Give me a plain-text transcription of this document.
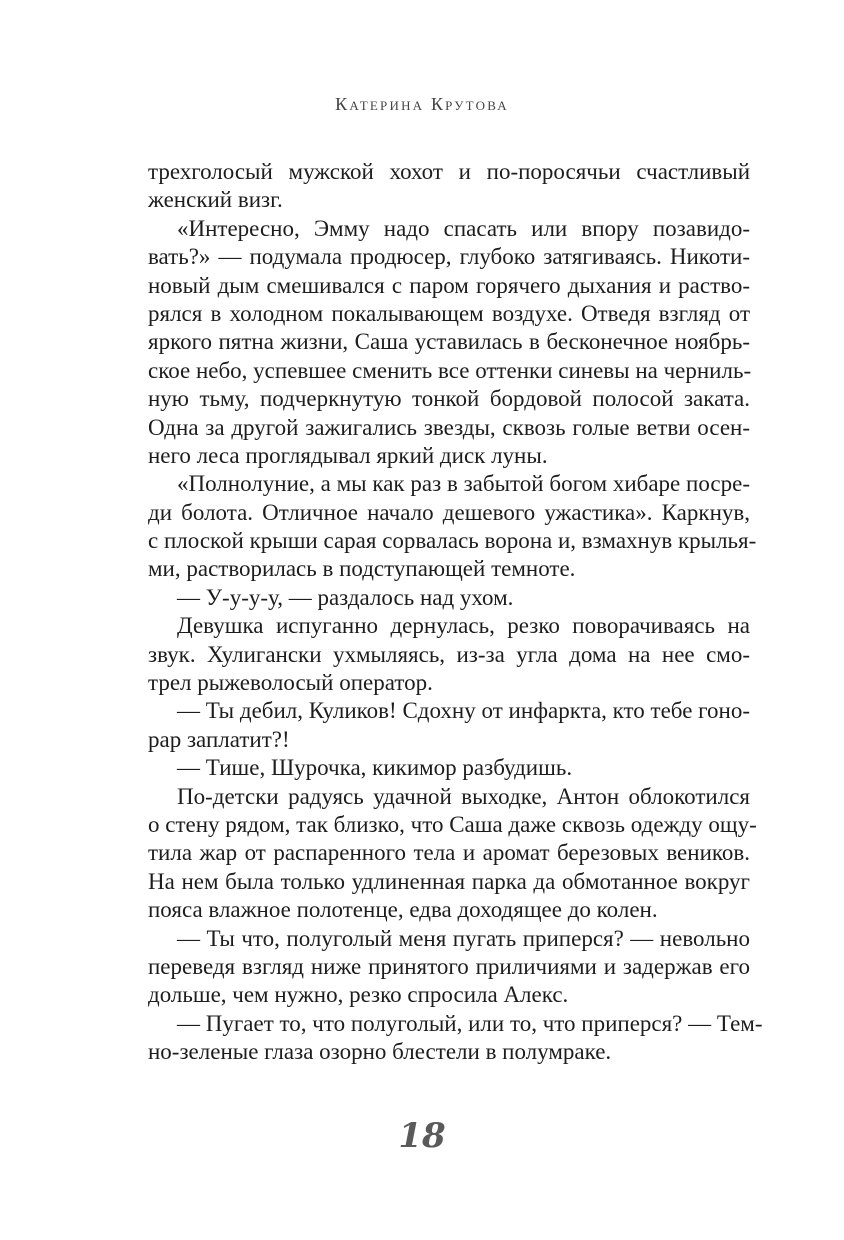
Катерина Крутова
трехголосый мужской хохот и по-поросячьи счастливый
женский визг.
«Интересно, Эмму надо спасать или впору позавидо-
вать?» — подумала продюсер, глубоко затягиваясь. Никоти-
новый дым смешивался с паром горячего дыхания и раство-
рялся в холодном покалывающем воздухе. Отведя взгляд от
яркого пятна жизни, Саша уставилась в бесконечное ноябрь-
ское небо, успевшее сменить все оттенки синевы на черниль-
ную тьму, подчеркнутую тонкой бордовой полосой заката.
Одна за другой зажигались звезды, сквозь голые ветви осен-
него леса проглядывал яркий диск луны.
«Полнолуние, а мы как раз в забытой богом хибаре посре-
ди болота. Отличное начало дешевого ужастика». Каркнув,
с плоской крыши сарая сорвалась ворона и, взмахнув крылья-
ми, растворилась в подступающей темноте.
— У-у-у-у, — раздалось над ухом.
Девушка испуганно дернулась, резко поворачиваясь на
звук. Хулигански ухмыляясь, из-за угла дома на нее смо-
трел рыжеволосый оператор.
— Ты дебил, Куликов! Сдохну от инфаркта, кто тебе гоно-
рар заплатит?!
— Тише, Шурочка, кикимор разбудишь.
По-детски радуясь удачной выходке, Антон облокотился
о стену рядом, так близко, что Саша даже сквозь одежду ощу-
тила жар от распаренного тела и аромат березовых веников.
На нем была только удлиненная парка да обмотанное вокруг
пояса влажное полотенце, едва доходящее до колен.
— Ты что, полуголый меня пугать приперся? — невольно
переведя взгляд ниже принятого приличиями и задержав его
дольше, чем нужно, резко спросила Алекс.
— Пугает то, что полуголый, или то, что приперся? — Тем-
но-зеленые глаза озорно блестели в полумраке.
18
